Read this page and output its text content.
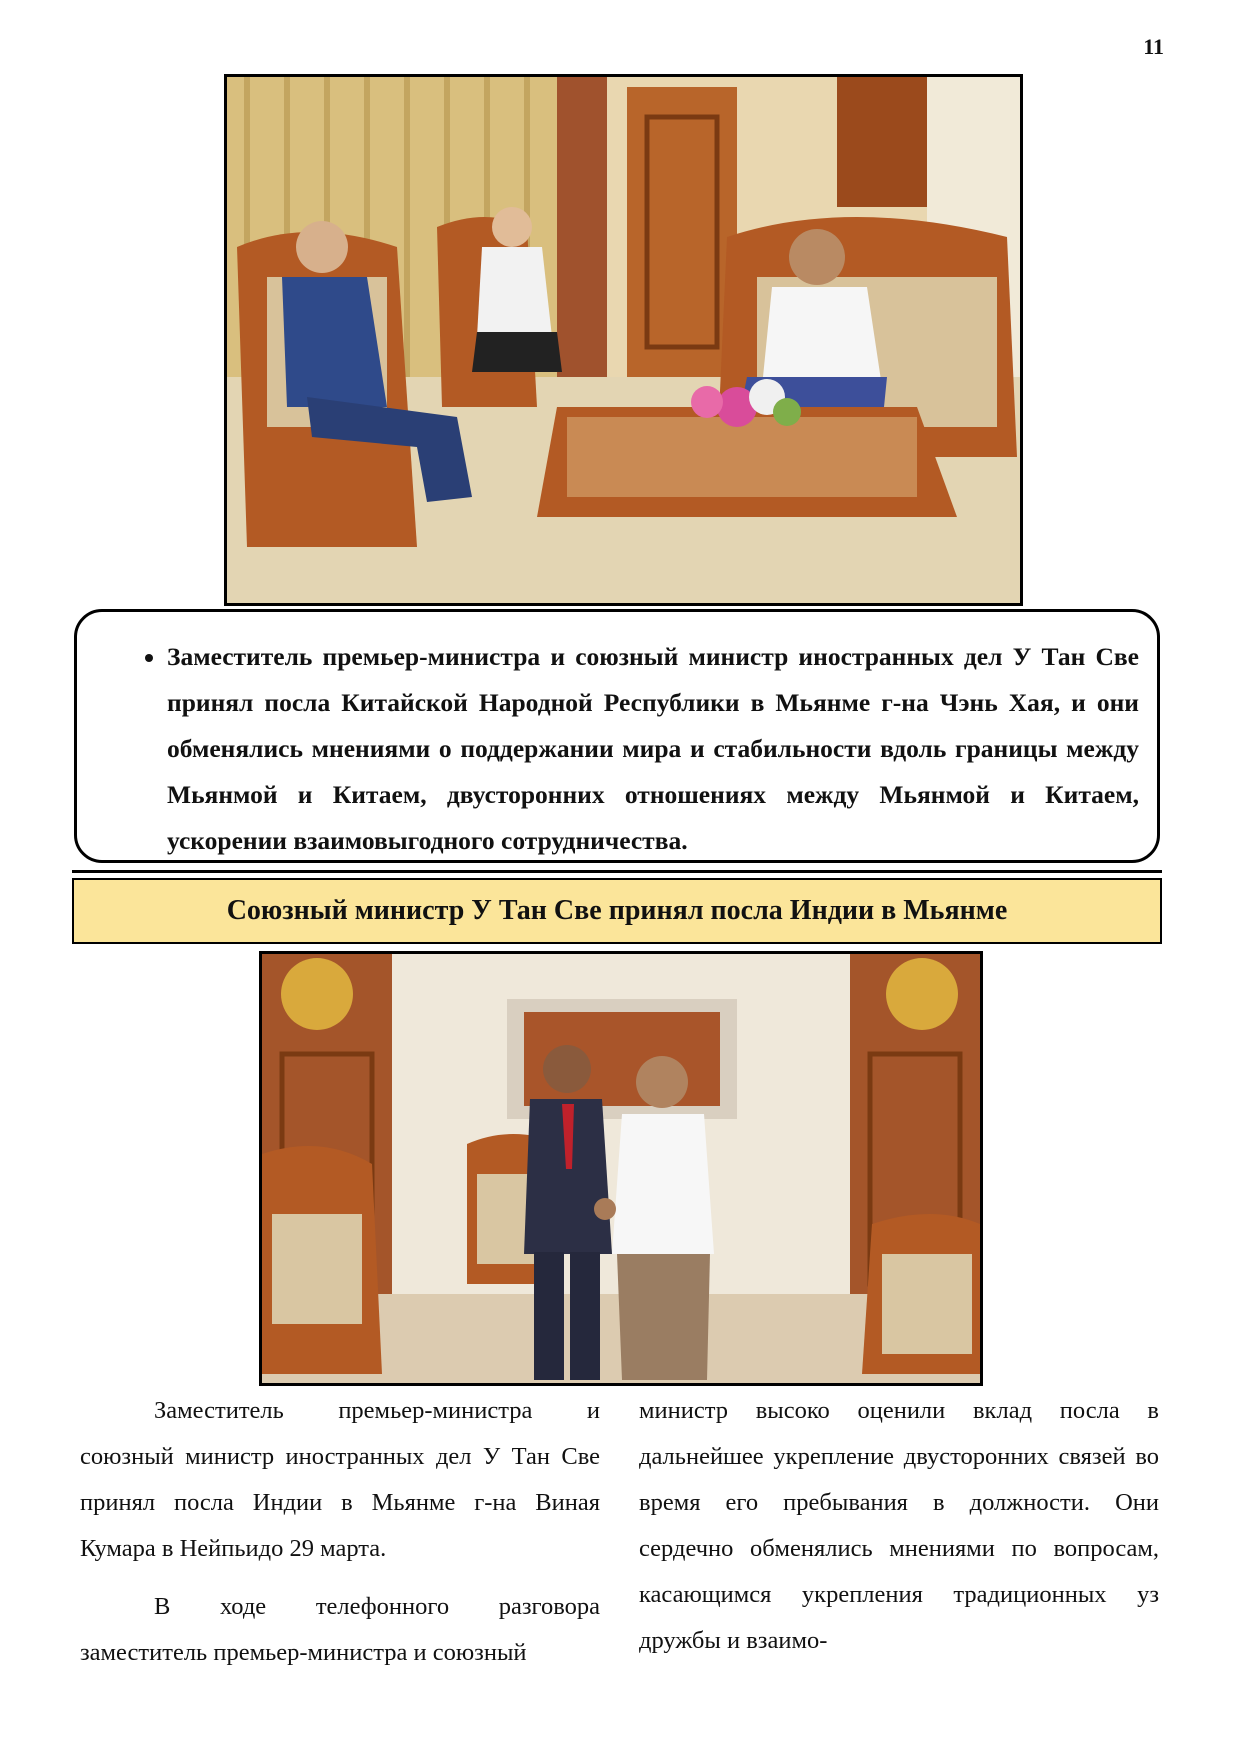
11
• Заместитель премьер-министра и союзный министр иностранных дел У Тан Све принял посла Китайской Народной Республики в Мьянме г-на Чэнь Хая, и они обменялись мнениями о поддержании мира и стабильности вдоль границы между Мьянмой и Китаем, двусторонних отношениях между Мьянмой и Китаем, ускорении взаимовыгодного сотрудничества.
Союзный министр У Тан Све принял посла Индии в Мьянме

Заместитель премьер-министра и союзный министр иностранных дел У Тан Све принял посла Индии в Мьянме г-на Виная Кумара в Нейпьидо 29 марта.

В ходе телефонного разговора заместитель премьер-министра и союзный

министр высоко оценили вклад посла в дальнейшее укрепление двусторонних связей во время его пребывания в должности. Они сердечно обменялись мнениями по вопросам, касающимся укрепления традиционных уз дружбы и взаимо-
